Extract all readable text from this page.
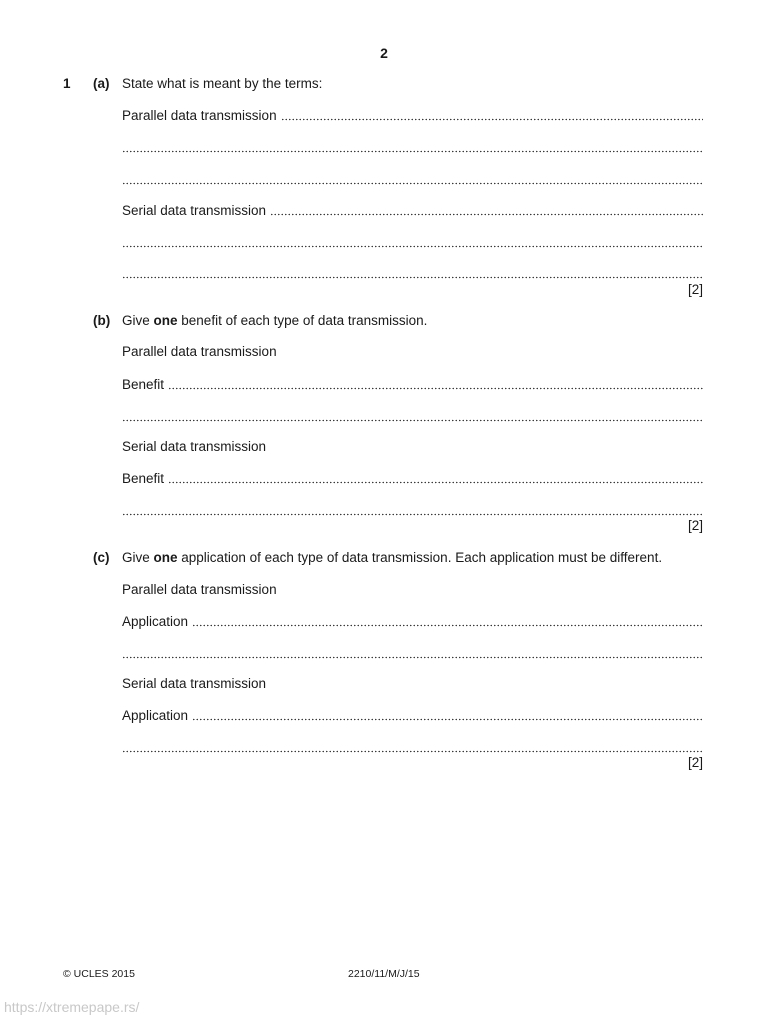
2
1 (a) State what is meant by the terms:
Parallel data transmission
Serial data transmission
[2]
(b) Give one benefit of each type of data transmission.
Parallel data transmission
Benefit
Serial data transmission
Benefit
[2]
(c) Give one application of each type of data transmission. Each application must be different.
Parallel data transmission
Application
Serial data transmission
Application
[2]
© UCLES 2015	2210/11/M/J/15
https://xtremepape.rs/
